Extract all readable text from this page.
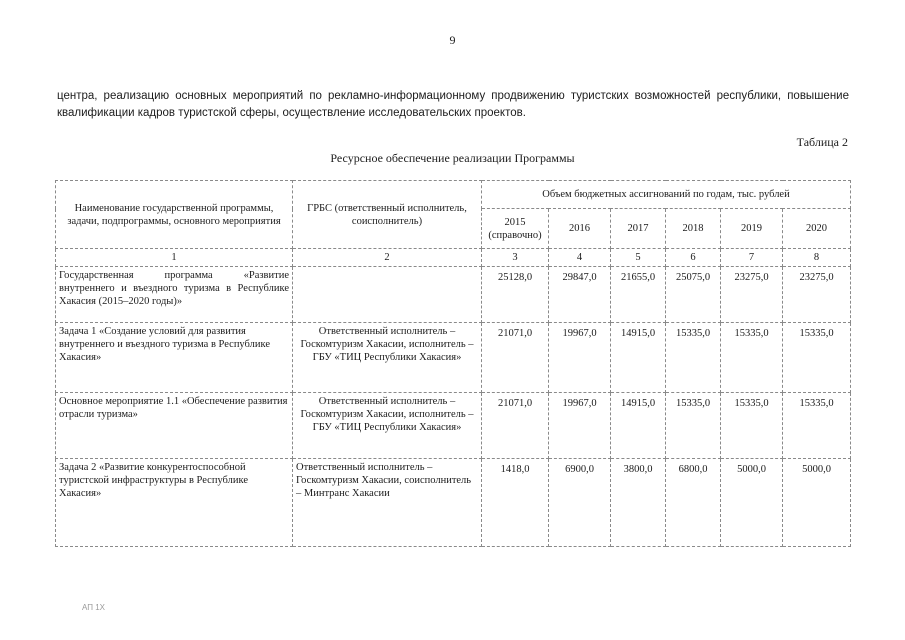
9
центра, реализацию основных мероприятий по рекламно-информационному продвижению туристских возможностей республики, повышение квалификации кадров туристской сферы, осуществление исследовательских проектов.
Таблица 2
Ресурсное обеспечение реализации Программы
Наименование государственной программы, задачи, подпрограммы, основного мероприятия	ГРБС (ответственный исполнитель, соисполнитель)	Объем бюджетных ассигнований по годам, тыс. рублей					
		2015 (справочно)	2016	2017	2018	2019	2020
1	2	3	4	5	6	7	8
Государственная программа «Развитие внутреннего и въездного туризма в Республике Хакасия (2015–2020 годы)»		25128,0	29847,0	21655,0	25075,0	23275,0	23275,0
Задача 1 «Создание условий для развития внутреннего и въездного туризма в Республике Хакасия»	Ответственный исполнитель – Госкомтуризм Хакасии, исполнитель – ГБУ «ТИЦ Республики Хакасия»	21071,0	19967,0	14915,0	15335,0	15335,0	15335,0
Основное мероприятие 1.1 «Обеспечение развития отрасли туризма»	Ответственный исполнитель – Госкомтуризм Хакасии, исполнитель – ГБУ «ТИЦ Республики Хакасия»	21071,0	19967,0	14915,0	15335,0	15335,0	15335,0
Задача 2 «Развитие конкурентоспособной туристской инфраструктуры в Республике Хакасия»	Ответственный исполнитель – Госкомтуризм Хакасии, соисполнитель – Минтранс Хакасии	1418,0	6900,0	3800,0	6800,0	5000,0	5000,0
АП 1Х
